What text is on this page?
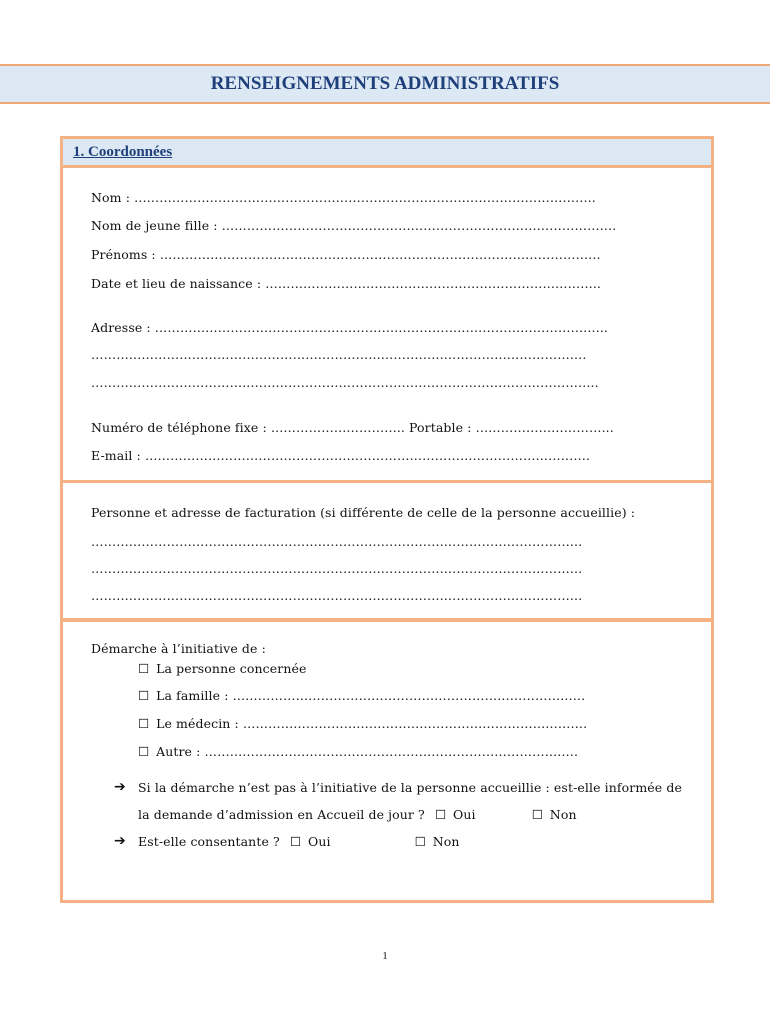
RENSEIGNEMENTS ADMINISTRATIFS
1. Coordonnées
Nom : ………………………………………………………………………………………………..
Nom de jeune fille : ………………………………………………………………………………….
Prénoms : ……………………………………………………………………………………………
Date et lieu de naissance : ……………………………………………………………………..
Adresse : ……………………………………………………………………………………………...
……………………………………………………………………………………………………….
………………………………..………………………………………………………………………..
Numéro de téléphone fixe : ………………………….. Portable : …………………………...
E-mail : …………………………………………………………………………………………….
Personne et adresse de facturation (si différente de celle de la personne accueillie) :
………………………………………………………………………………………………………
………………………………………………………………………………………………………
………………………………………………………………………………………………………
Démarche à l’initiative de :
☐ La personne concernée
☐ La famille : …………………………………………………………………………
☐ Le médecin : ……………………………………………………………………….
☐ Autre : ………………………………………………………………………….….
➔ Si la démarche n’est pas à l’initiative de la personne accueillie : est-elle informée de
la demande d’admission en Accueil de jour ? ☐ Oui	☐ Non
➔ Est-elle consentante ? ☐ Oui	☐ Non
1
